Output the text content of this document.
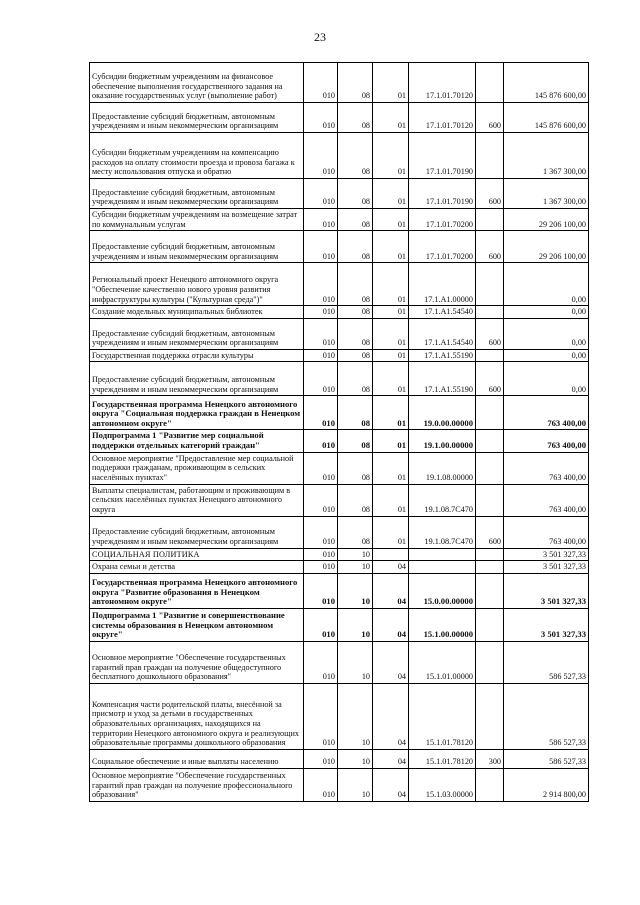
23
Субсидии бюджетным учреждениям на финансовое обеспечение выполнения государственного задания на оказание государственных услуг (выполнение работ)	010	08	01	17.1.01.70120		145 876 600,00
Предоставление субсидий бюджетным, автономным учреждениям и иным некоммерческим организациям	010	08	01	17.1.01.70120	600	145 876 600,00
Субсидии бюджетным учреждениям на компенсацию расходов на оплату стоимости проезда и провоза багажа к месту использования отпуска и обратно	010	08	01	17.1.01.70190		1 367 300,00
Предоставление субсидий бюджетным, автономным учреждениям и иным некоммерческим организациям	010	08	01	17.1.01.70190	600	1 367 300,00
Субсидии бюджетным учреждениям на возмещение затрат по коммунальным услугам	010	08	01	17.1.01.70200		29 206 100,00
Предоставление субсидий бюджетным, автономным учреждениям и иным некоммерческим организациям	010	08	01	17.1.01.70200	600	29 206 100,00
Региональный проект Ненецкого автономного округа "Обеспечение качественно нового уровня развития инфраструктуры культуры ("Культурная среда")"	010	08	01	17.1.A1.00000		0,00
Создание модельных муниципальных библиотек	010	08	01	17.1.A1.54540		0,00
Предоставление субсидий бюджетным, автономным учреждениям и иным некоммерческим организациям	010	08	01	17.1.A1.54540	600	0,00
Государственная поддержка отрасли культуры	010	08	01	17.1.A1.55190		0,00
Предоставление субсидий бюджетным, автономным учреждениям и иным некоммерческим организациям	010	08	01	17.1.A1.55190	600	0,00
Государственная программа Ненецкого автономного округа "Социальная поддержка граждан в Ненецком автономном округе"	010	08	01	19.0.00.00000		763 400,00
Подпрограмма 1 "Развитие мер социальной поддержки отдельных категорий граждан"	010	08	01	19.1.00.00000		763 400,00
Основное мероприятие "Предоставление мер социальной поддержки гражданам, проживающим в сельских населённых пунктах"	010	08	01	19.1.08.00000		763 400,00
Выплаты специалистам, работающим и проживающим в сельских населённых пунктах Ненецкого автономного округа	010	08	01	19.1.08.7С470		763 400,00
Предоставление субсидий бюджетным, автономным учреждениям и иным некоммерческим организациям	010	08	01	19.1.08.7С470	600	763 400,00
СОЦИАЛЬНАЯ ПОЛИТИКА	010	10				3 501 327,33
Охрана семьи и детства	010	10	04			3 501 327,33
Государственная программа Ненецкого автономного округа "Развитие образования в Ненецком автономном округе"	010	10	04	15.0.00.00000		3 501 327,33
Подпрограмма 1 "Развитие и совершенствование системы образования в Ненецком автономном округе"	010	10	04	15.1.00.00000		3 501 327,33
Основное мероприятие "Обеспечение государственных гарантий прав граждан на получение общедоступного бесплатного дошкольного образования"	010	10	04	15.1.01.00000		586 527,33
Компенсация части родительской платы, внесённой за присмотр и уход за детьми в государственных образовательных организациях, находящихся на территории Ненецкого автономного округа и реализующих образовательные программы дошкольного образования	010	10	04	15.1.01.78120		586 527,33
Социальное обеспечение и иные выплаты населению	010	10	04	15.1.01.78120	300	586 527,33
Основное мероприятие "Обеспечение государственных гарантий прав граждан на получение профессионального образования"	010	10	04	15.1.03.00000		2 914 800,00
